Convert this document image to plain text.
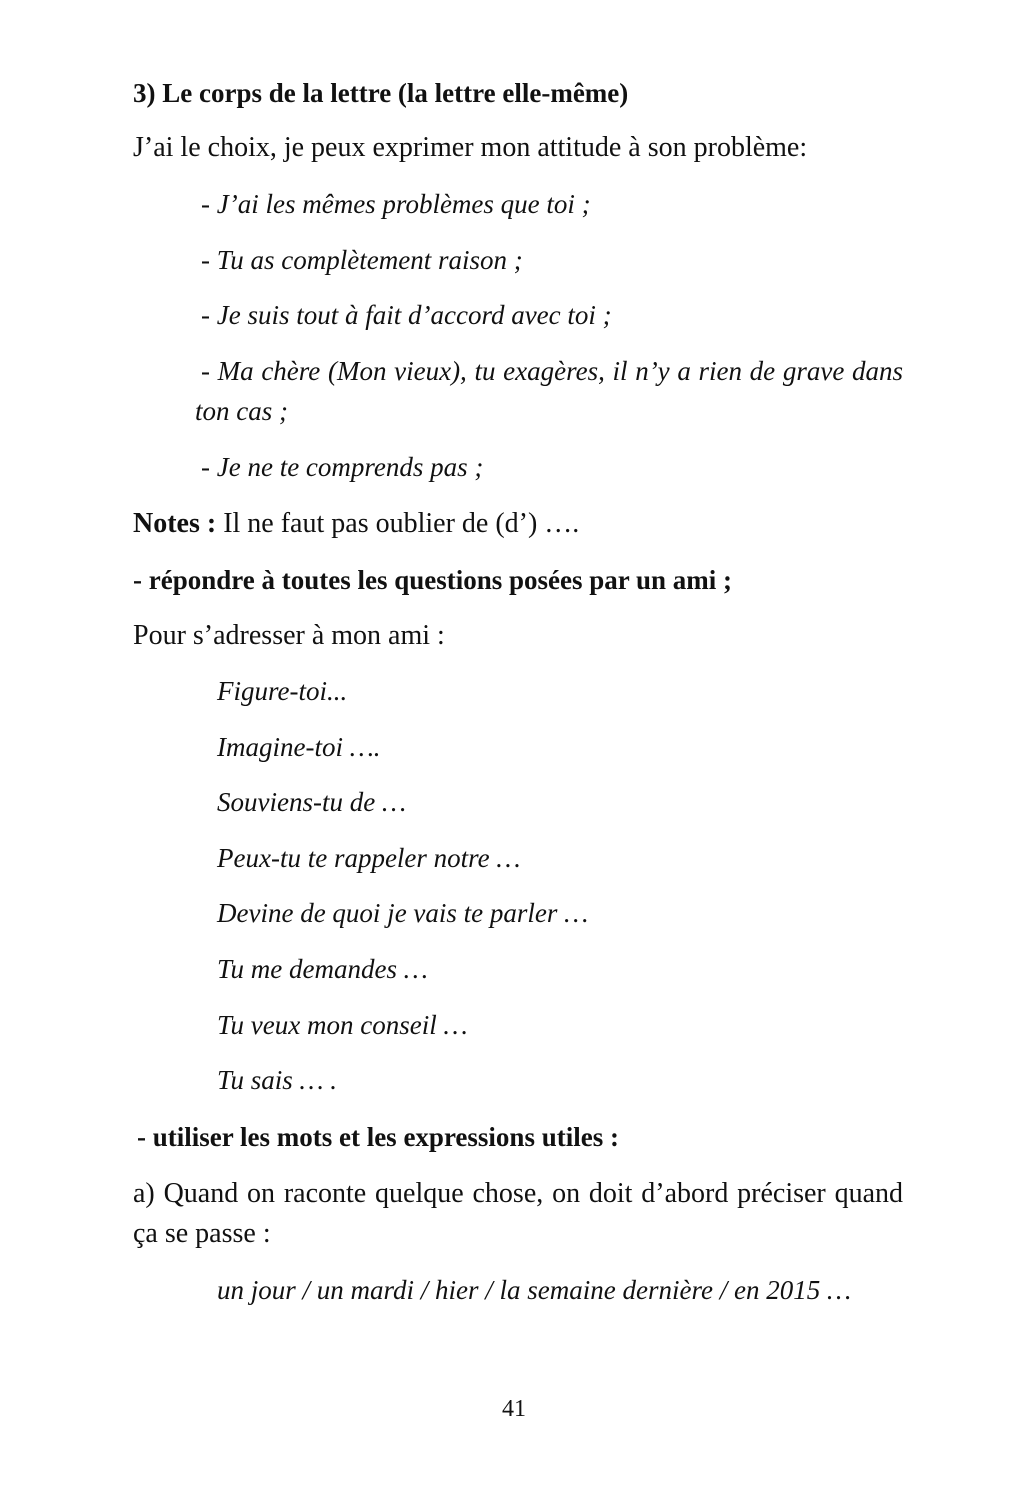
3) Le corps de la lettre (la lettre elle-même)
J’ai le choix, je peux exprimer mon attitude à son problème:
- J’ai les mêmes problèmes que toi ;
- Tu as complètement raison ;
- Je suis tout à fait d’accord avec toi ;
- Ma chère (Mon vieux), tu exagères, il n’y a rien de grave dans ton cas ;
- Je ne te comprends pas ;
Notes : Il ne faut pas oublier de (d’) ….
- répondre à toutes les questions posées par un ami ;
Pour s’adresser à mon ami :
Figure-toi...
Imagine-toi ….
Souviens-tu de …
Peux-tu te rappeler notre …
Devine de quoi je vais te parler …
Tu me demandes …
Tu veux mon conseil …
Tu sais … .
- utiliser les mots et les expressions utiles :
a) Quand on raconte quelque chose, on doit d’abord préciser quand ça se passe :
un jour / un mardi / hier / la semaine dernière / en 2015 …
41
